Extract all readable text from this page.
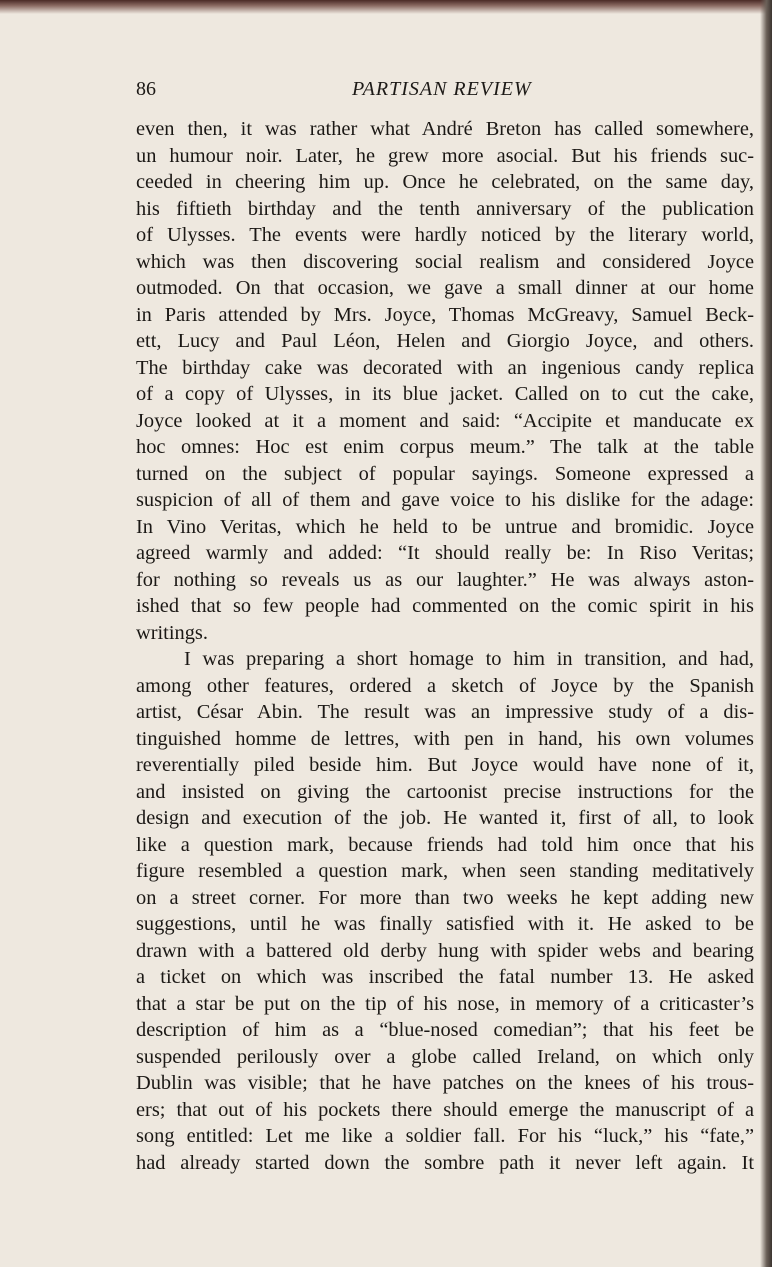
86	PARTISAN REVIEW
even then, it was rather what André Breton has called somewhere,
un humour noir. Later, he grew more asocial. But his friends suc-
ceeded in cheering him up. Once he celebrated, on the same day,
his fiftieth birthday and the tenth anniversary of the publication
of Ulysses. The events were hardly noticed by the literary world,
which was then discovering social realism and considered Joyce
outmoded. On that occasion, we gave a small dinner at our home
in Paris attended by Mrs. Joyce, Thomas McGreavy, Samuel Beck-
ett, Lucy and Paul Léon, Helen and Giorgio Joyce, and others.
The birthday cake was decorated with an ingenious candy replica
of a copy of Ulysses, in its blue jacket. Called on to cut the cake,
Joyce looked at it a moment and said: “Accipite et manducate ex
hoc omnes: Hoc est enim corpus meum.” The talk at the table
turned on the subject of popular sayings. Someone expressed a
suspicion of all of them and gave voice to his dislike for the adage:
In Vino Veritas, which he held to be untrue and bromidic. Joyce
agreed warmly and added: “It should really be: In Riso Veritas;
for nothing so reveals us as our laughter.” He was always aston-
ished that so few people had commented on the comic spirit in his
writings.
I was preparing a short homage to him in transition, and had,
among other features, ordered a sketch of Joyce by the Spanish
artist, César Abin. The result was an impressive study of a dis-
tinguished homme de lettres, with pen in hand, his own volumes
reverentially piled beside him. But Joyce would have none of it,
and insisted on giving the cartoonist precise instructions for the
design and execution of the job. He wanted it, first of all, to look
like a question mark, because friends had told him once that his
figure resembled a question mark, when seen standing meditatively
on a street corner. For more than two weeks he kept adding new
suggestions, until he was finally satisfied with it. He asked to be
drawn with a battered old derby hung with spider webs and bearing
a ticket on which was inscribed the fatal number 13. He asked
that a star be put on the tip of his nose, in memory of a criticaster’s
description of him as a “blue-nosed comedian”; that his feet be
suspended perilously over a globe called Ireland, on which only
Dublin was visible; that he have patches on the knees of his trous-
ers; that out of his pockets there should emerge the manuscript of a
song entitled: Let me like a soldier fall. For his “luck,” his “fate,”
had already started down the sombre path it never left again. It
